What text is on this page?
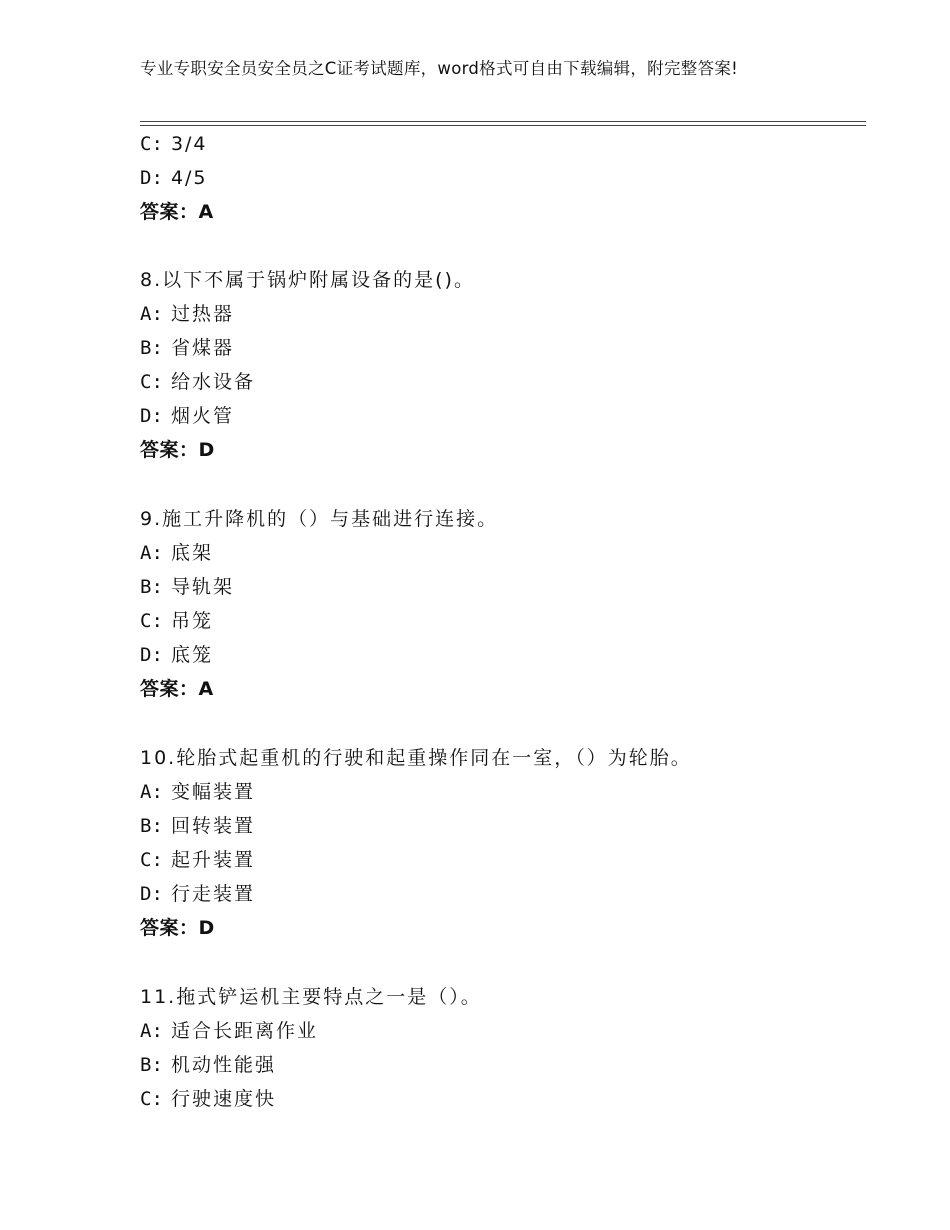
专业专职安全员安全员之C证考试题库，word格式可自由下载编辑，附完整答案!
C: 3/4
D: 4/5
答案：A
8.以下不属于锅炉附属设备的是()。
A: 过热器
B: 省煤器
C: 给水设备
D: 烟火管
答案：D
9.施工升降机的（）与基础进行连接。
A: 底架
B: 导轨架
C: 吊笼
D: 底笼
答案：A
10.轮胎式起重机的行驶和起重操作同在一室，（）为轮胎。
A: 变幅装置
B: 回转装置
C: 起升装置
D: 行走装置
答案：D
11.拖式铲运机主要特点之一是（）。
A: 适合长距离作业
B: 机动性能强
C: 行驶速度快
